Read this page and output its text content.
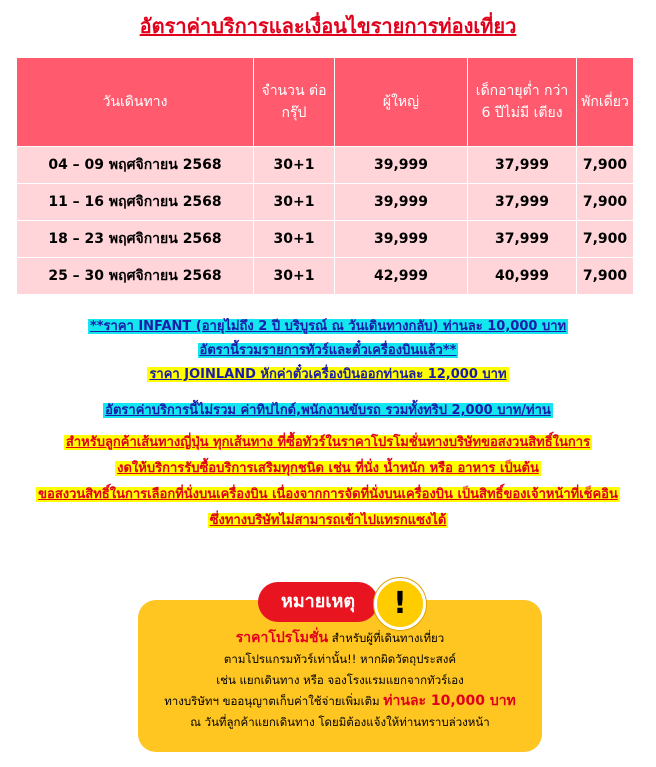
อัตราค่าบริการและเงื่อนไขรายการท่องเที่ยว
วันเดินทาง	จำนวน ต่อกรุ๊ป	ผู้ใหญ่	เด็กอายุต่ำ กว่า 6 ปีไม่มี เตียง	พักเดี่ยว
04 – 09 พฤศจิกายน 2568	30+1	39,999	37,999	7,900
11 – 16 พฤศจิกายน 2568	30+1	39,999	37,999	7,900
18 – 23 พฤศจิกายน 2568	30+1	39,999	37,999	7,900
25 – 30 พฤศจิกายน 2568	30+1	42,999	40,999	7,900
**ราคา INFANT (อายุไม่ถึง 2 ปี บริบูรณ์ ณ วันเดินทางกลับ) ท่านละ 10,000 บาท
อัตรานี้รวมรายการทัวร์และตั๋วเครื่องบินแล้ว**
ราคา JOINLAND หักค่าตั๋วเครื่องบินออกท่านละ 12,000 บาท
อัตราค่าบริการนี้ไม่รวม ค่าทิปไกด์,พนักงานขับรถ รวมทั้งทริป 2,000 บาท/ท่าน
สำหรับลูกค้าเส้นทางญี่ปุ่น ทุกเส้นทาง ที่ซื้อทัวร์ในราคาโปรโมชั่นทางบริษัทขอสงวนสิทธิ์ในการ
งดให้บริการรับซื้อบริการเสริมทุกชนิด เช่น ที่นั่ง น้ำหนัก หรือ อาหาร เป็นต้น
ขอสงวนสิทธิ์ในการเลือกที่นั่งบนเครื่องบิน เนื่องจากการจัดที่นั่งบนเครื่องบิน เป็นสิทธิ์ของเจ้าหน้าที่เช็คอิน
ซึ่งทางบริษัทไม่สามารถเข้าไปแทรกแซงได้
หมายเหตุ	!
ราคาโปรโมชั่น สำหรับผู้ที่เดินทางเที่ยว
ตามโปรแกรมทัวร์เท่านั้น!! หากผิดวัตถุประสงค์
เช่น แยกเดินทาง หรือ จองโรงแรมแยกจากทัวร์เอง
ทางบริษัทฯ ขออนุญาตเก็บค่าใช้จ่ายเพิ่มเติม ท่านละ 10,000 บาท
ณ วันที่ลูกค้าแยกเดินทาง โดยมิต้องแจ้งให้ท่านทราบล่วงหน้า
